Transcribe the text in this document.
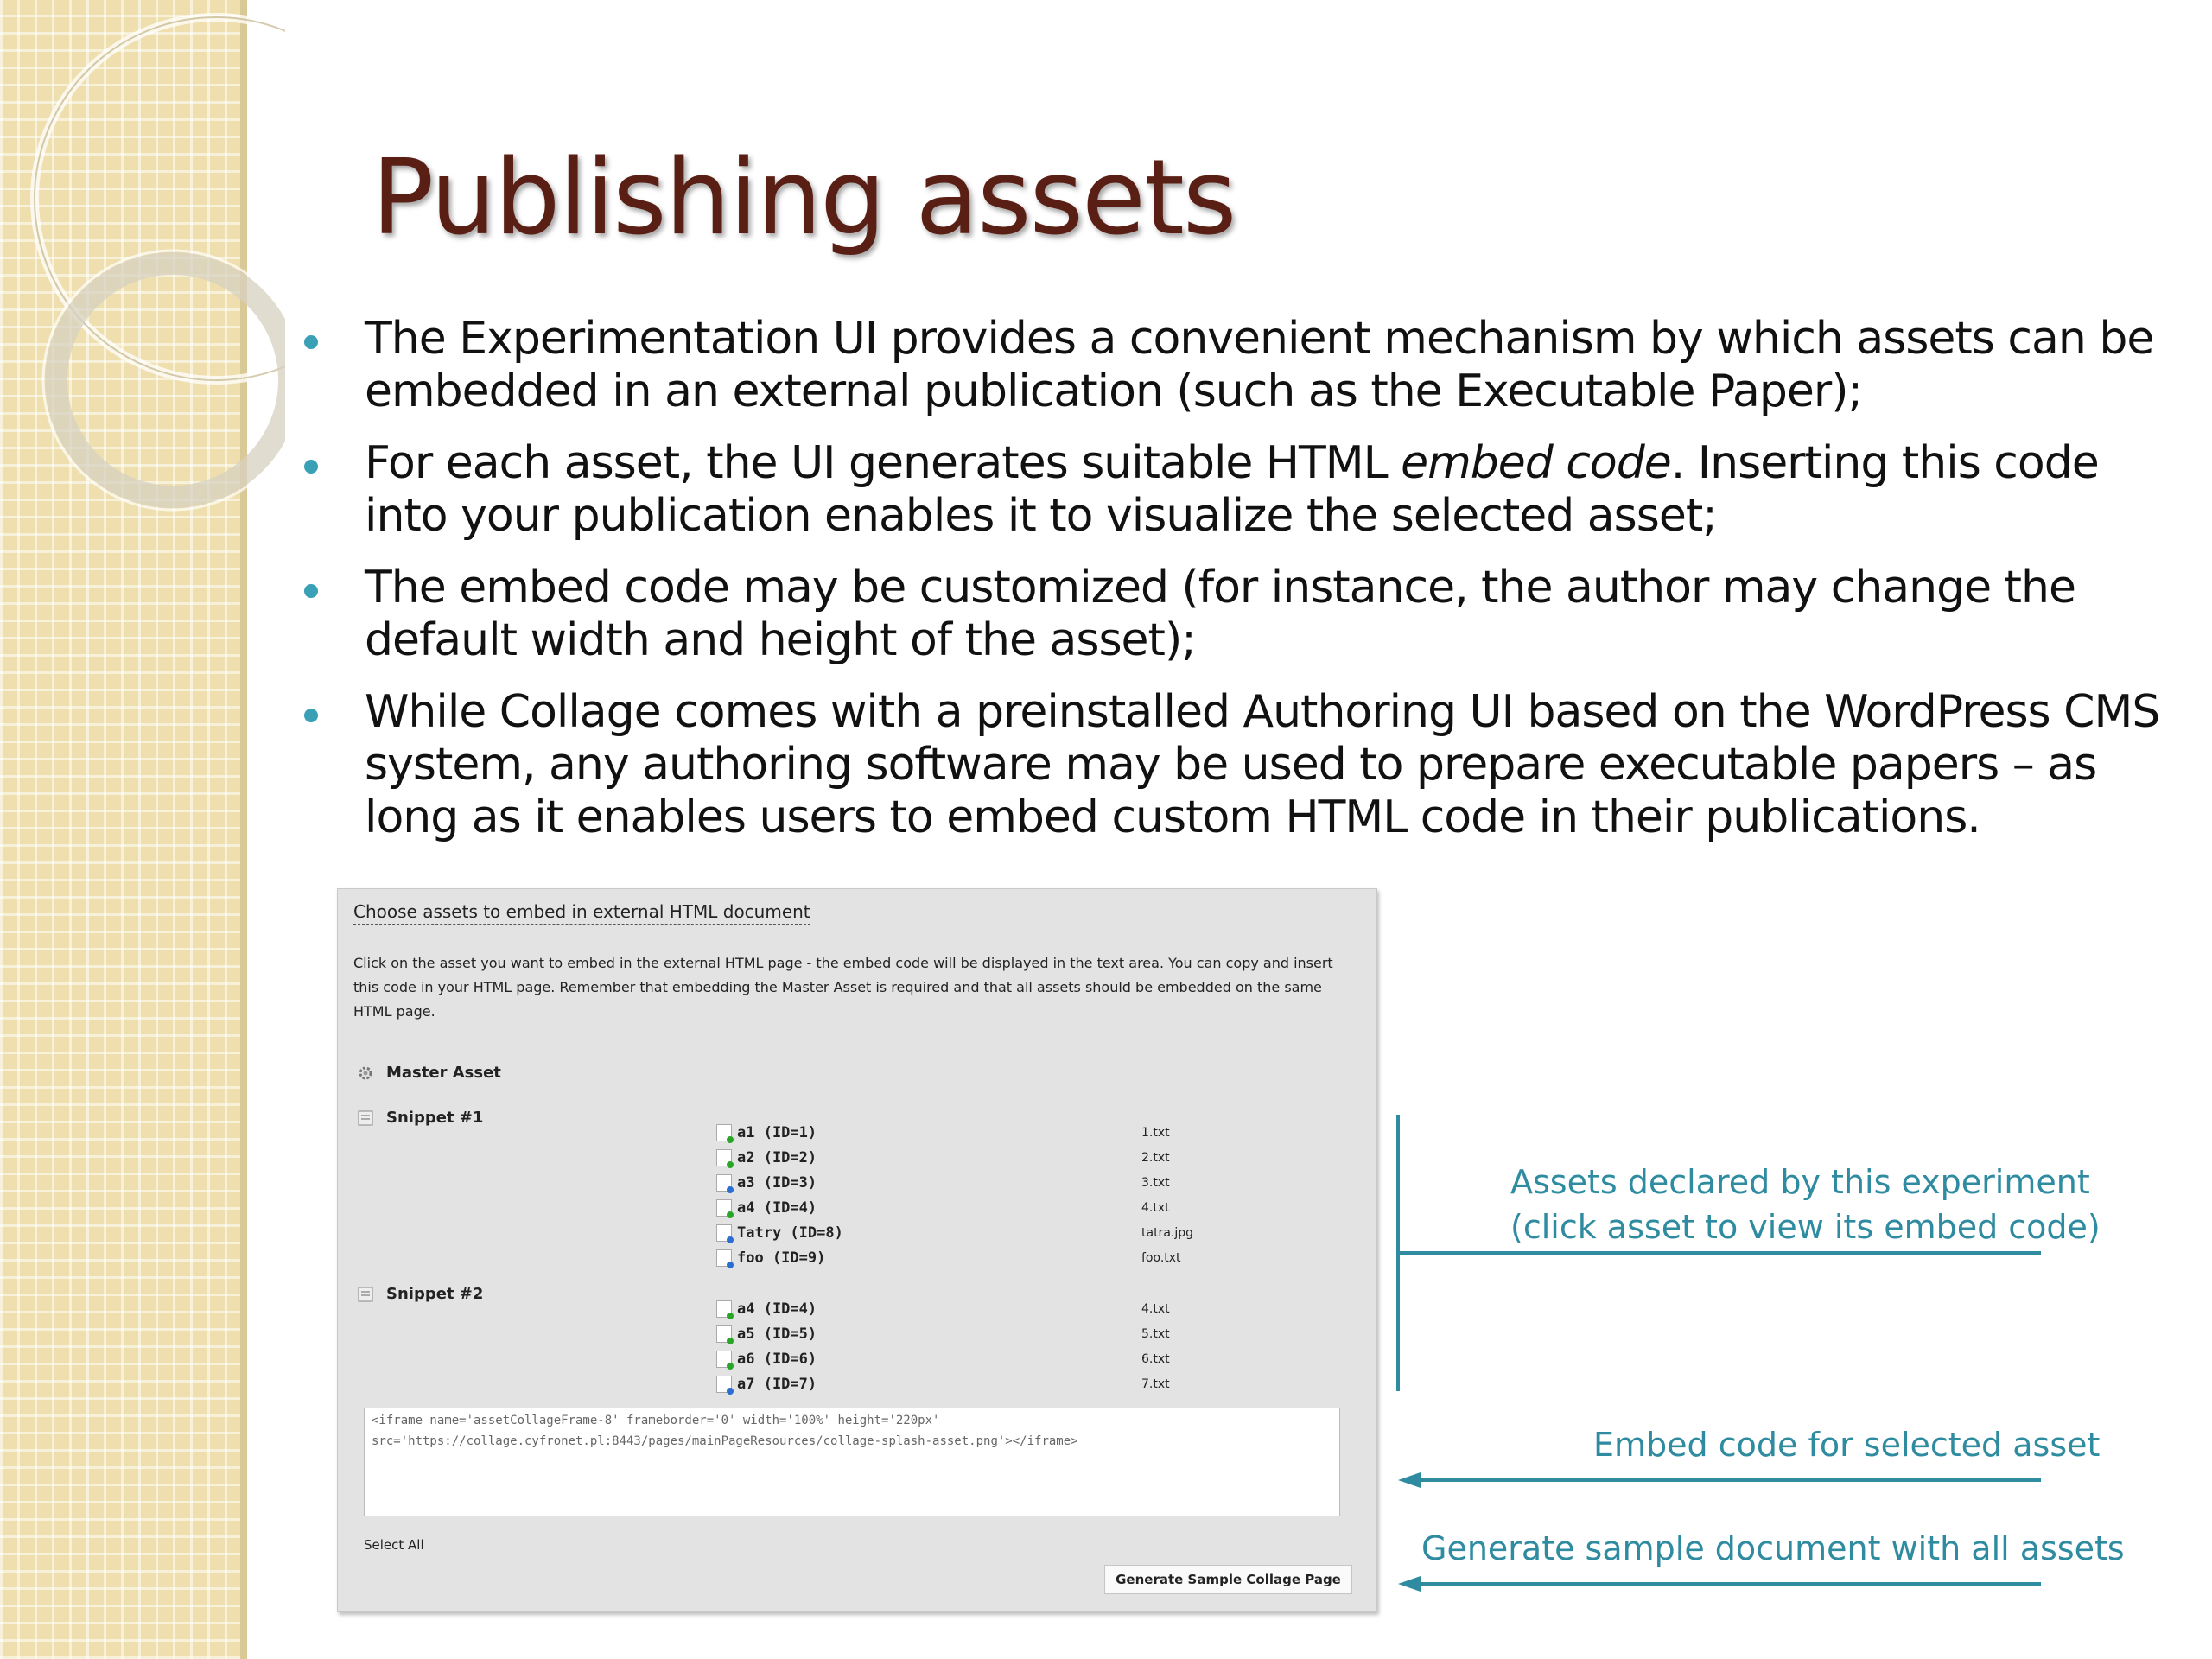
Publishing assets
The Experimentation UI provides a convenient mechanism by which assets can be embedded in an external publication (such as the Executable Paper);
For each asset, the UI generates suitable HTML embed code. Inserting this code into your publication enables it to visualize the selected asset;
The embed code may be customized (for instance, the author may change the default width and height of the asset);
While Collage comes with a preinstalled Authoring UI based on the WordPress CMS system, any authoring software may be used to prepare executable papers – as long as it enables users to embed custom HTML code in their publications.
Choose assets to embed in external HTML document
Click on the asset you want to embed in the external HTML page - the embed code will be displayed in the text area. You can copy and insert this code in your HTML page. Remember that embedding the Master Asset is required and that all assets should be embedded on the same HTML page.
Master Asset
Snippet #1
a1 (ID=1)	1.txt
a2 (ID=2)	2.txt
a3 (ID=3)	3.txt
a4 (ID=4)	4.txt
Tatry (ID=8)	tatra.jpg
foo (ID=9)	foo.txt
Snippet #2
a4 (ID=4)	4.txt
a5 (ID=5)	5.txt
a6 (ID=6)	6.txt
a7 (ID=7)	7.txt
<iframe name='assetCollageFrame-8' frameborder='0' width='100%' height='220px'
src='https://collage.cyfronet.pl:8443/pages/mainPageResources/collage-splash-asset.png'></iframe>
Select All
Generate Sample Collage Page
Assets declared by this experiment
(click asset to view its embed code)
Embed code for selected asset
Generate sample document with all assets
